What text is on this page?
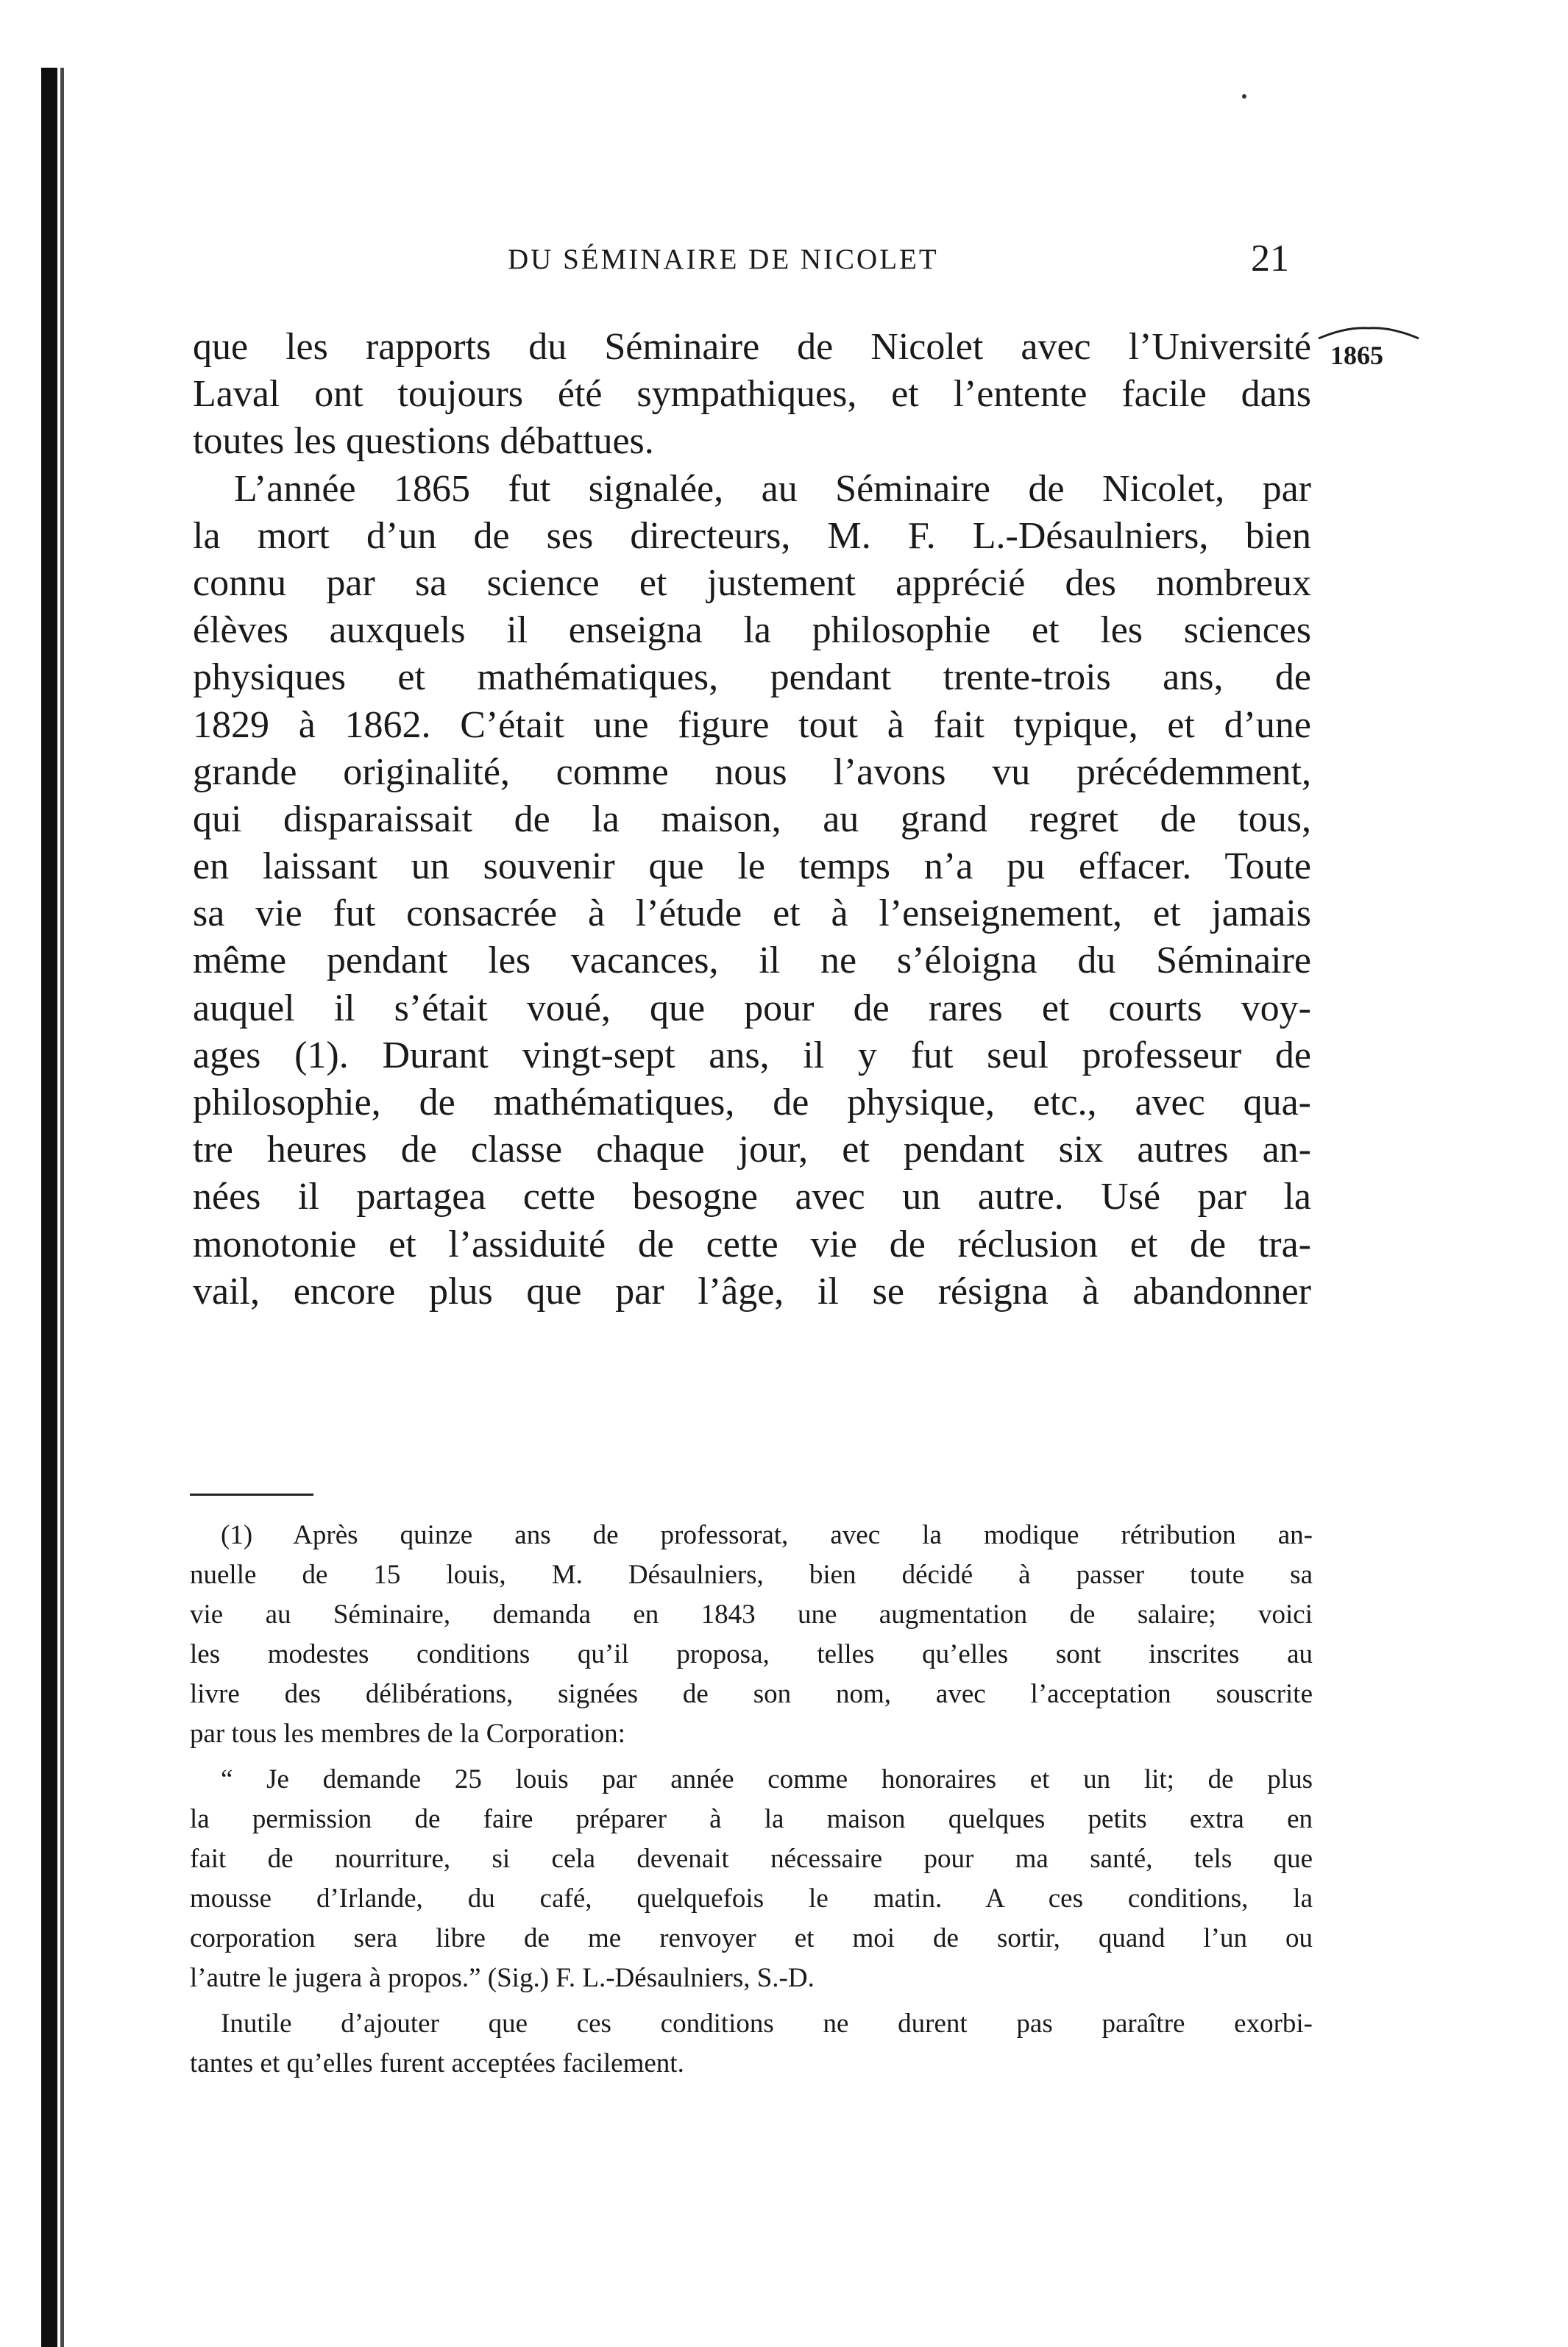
DU SÉMINAIRE DE NICOLET	21
1865
que les rapports du Séminaire de Nicolet avec l’Université
Laval ont toujours été sympathiques, et l’entente facile dans
toutes les questions débattues.
L’année 1865 fut signalée, au Séminaire de Nicolet, par
la mort d’un de ses directeurs, M. F. L.-Désaulniers, bien
connu par sa science et justement apprécié des nombreux
élèves auxquels il enseigna la philosophie et les sciences
physiques et mathématiques, pendant trente-trois ans, de
1829 à 1862. C’était une figure tout à fait typique, et d’une
grande originalité, comme nous l’avons vu précédemment,
qui disparaissait de la maison, au grand regret de tous,
en laissant un souvenir que le temps n’a pu effacer. Toute
sa vie fut consacrée à l’étude et à l’enseignement, et jamais
même pendant les vacances, il ne s’éloigna du Séminaire
auquel il s’était voué, que pour de rares et courts voy-
ages (1). Durant vingt-sept ans, il y fut seul professeur de
philosophie, de mathématiques, de physique, etc., avec qua-
tre heures de classe chaque jour, et pendant six autres an-
nées il partagea cette besogne avec un autre. Usé par la
monotonie et l’assiduité de cette vie de réclusion et de tra-
vail, encore plus que par l’âge, il se résigna à abandonner
(1) Après quinze ans de professorat, avec la modique rétribution an-
nuelle de 15 louis, M. Désaulniers, bien décidé à passer toute sa
vie au Séminaire, demanda en 1843 une augmentation de salaire; voici
les modestes conditions qu’il proposa, telles qu’elles sont inscrites au
livre des délibérations, signées de son nom, avec l’acceptation souscrite
par tous les membres de la Corporation:
“ Je demande 25 louis par année comme honoraires et un lit; de plus
la permission de faire préparer à la maison quelques petits extra en
fait de nourriture, si cela devenait nécessaire pour ma santé, tels que
mousse d’Irlande, du café, quelquefois le matin. A ces conditions, la
corporation sera libre de me renvoyer et moi de sortir, quand l’un ou
l’autre le jugera à propos.” (Sig.) F. L.-Désaulniers, S.-D.
Inutile d’ajouter que ces conditions ne durent pas paraître exorbi-
tantes et qu’elles furent acceptées facilement.
